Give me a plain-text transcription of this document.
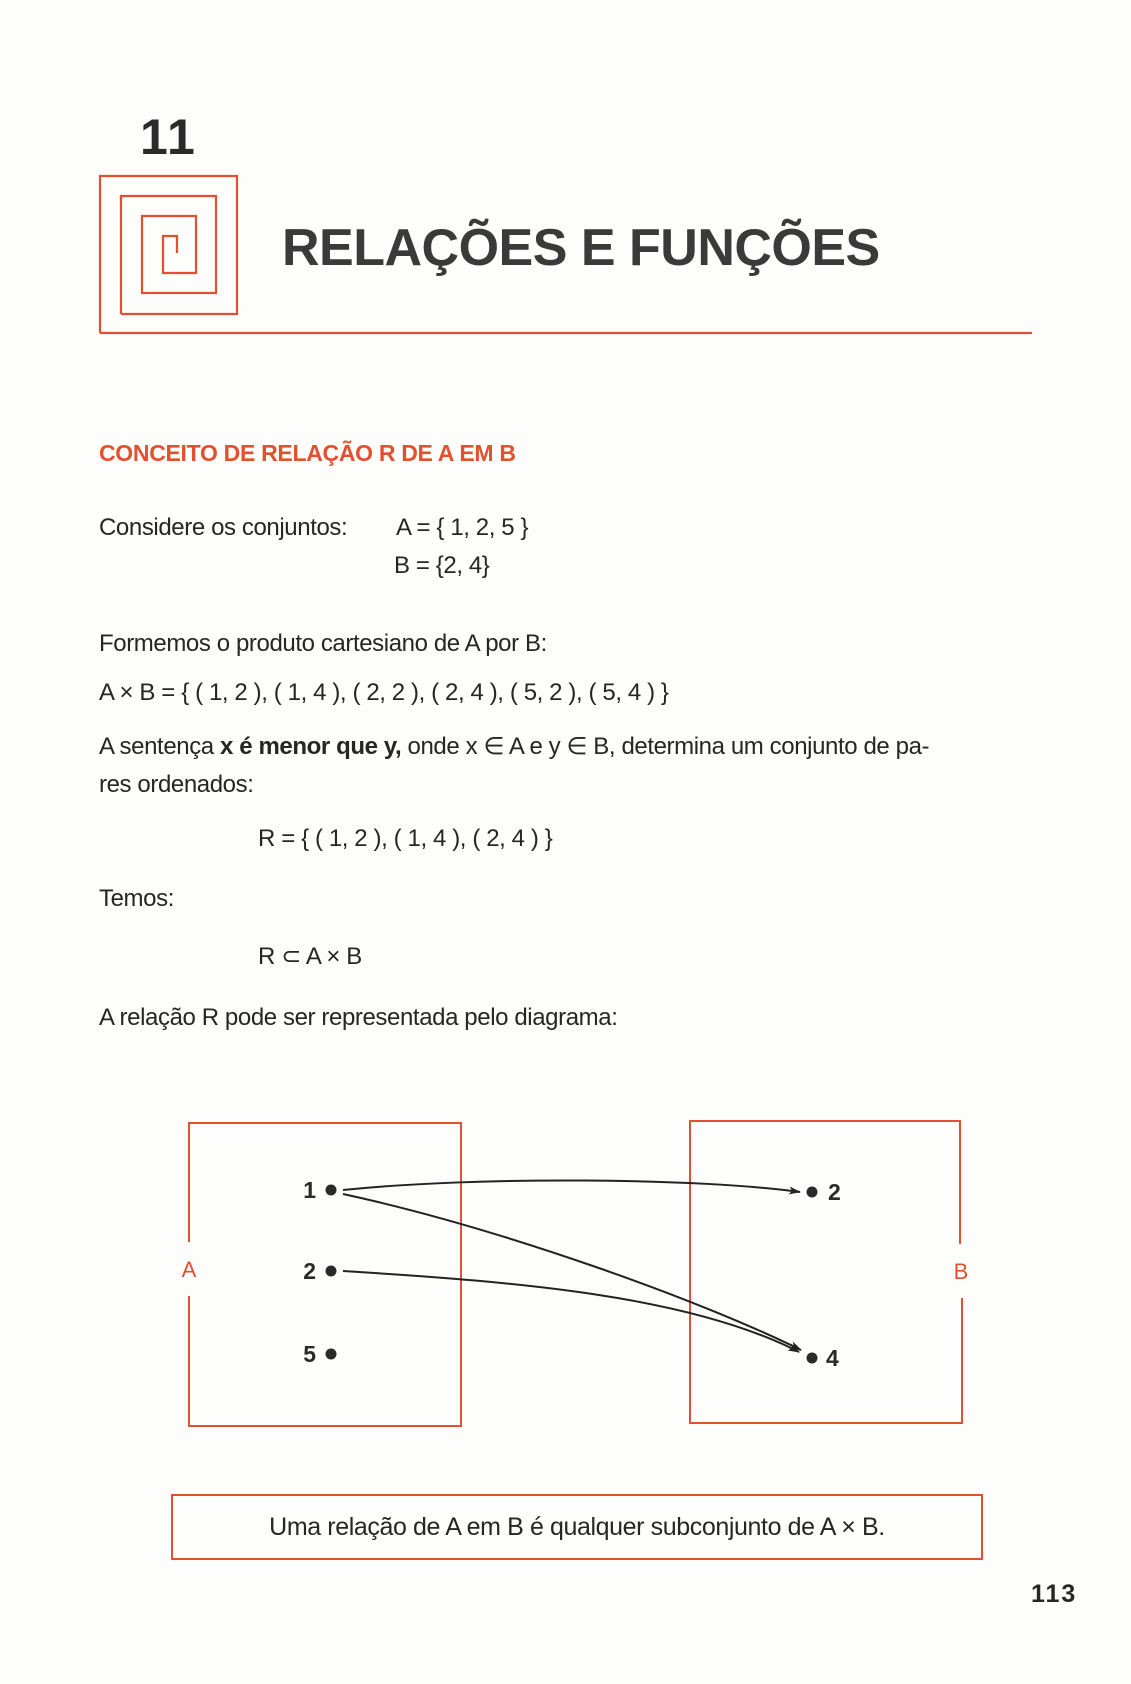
11
RELAÇÕES E FUNÇÕES
CONCEITO DE RELAÇÃO R DE A EM B
Considere os conjuntos: A = { 1, 2, 5 }
B = {2, 4}
Formemos o produto cartesiano de A por B:
A × B = { ( 1, 2 ), ( 1, 4 ), ( 2, 2 ), ( 2, 4 ), ( 5, 2 ), ( 5, 4 ) }
A sentença x é menor que y, onde x ∈ A e y ∈ B, determina um conjunto de pa-
res ordenados:
R = { ( 1, 2 ), ( 1, 4 ), ( 2, 4 ) }
Temos:
R ⊂ A × B
A relação R pode ser representada pelo diagrama:
A	B
1
2
5
2
4
Uma relação de A em B é qualquer subconjunto de A × B.
113
